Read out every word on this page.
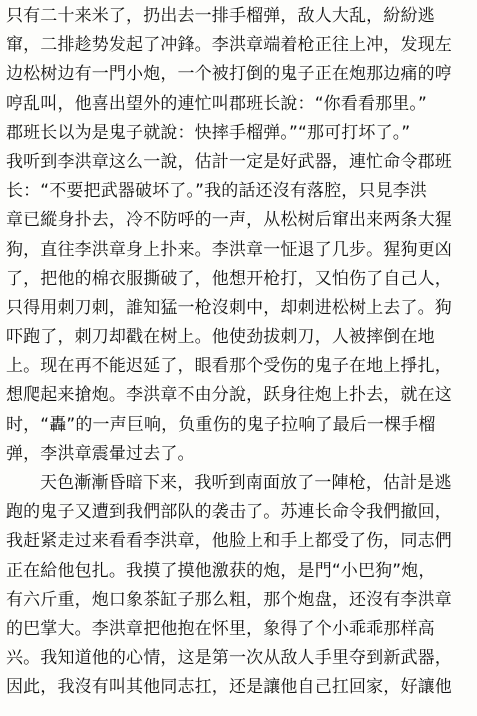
只有二十来米了，扔出去一排手榴弹，敌人大乱，紛紛逃
窜，二排趁势发起了冲鋒。李洪章端着枪正往上冲，发现左
边松树边有一門小炮，一个被打倒的鬼子正在炮那边痛的哼
哼乱叫，他喜出望外的連忙叫郡班长說：“你看看那里。”
郡班长以为是鬼子就說：快摔手榴弹。”“那可打坏了。”
我听到李洪章这么一說，估計一定是好武器，連忙命令郡班
长：“不要把武器破坏了。”我的話还沒有落腔，只見李洪
章已縱身扑去，冷不防呼的一声，从松树后窜出来两条大猩
狗，直往李洪章身上扑来。李洪章一怔退了几步。猩狗更凶
了，把他的棉衣服撕破了，他想开枪打，又怕伤了自己人，
只得用刺刀刺，誰知猛一枪沒刺中，却刺进松树上去了。狗
吓跑了，刺刀却戳在树上。他使劲拔刺刀，人被摔倒在地
上。现在再不能迟延了，眼看那个受伤的鬼子在地上掙扎，
想爬起来搶炮。李洪章不由分說，跃身往炮上扑去，就在这
时，“轟”的一声巨响，负重伤的鬼子拉响了最后一棵手榴
弹，李洪章震暈过去了。
天色漸漸昏暗下来，我听到南面放了一陣枪，估計是逃
跑的鬼子又遭到我們部队的袭击了。苏連长命令我們撤回，
我赶紧走过来看看李洪章，他脸上和手上都受了伤，同志們
正在給他包扎。我摸了摸他激获的炮，是門“小巴狗”炮，
有六斤重，炮口象茶缸子那么粗，那个炮盘，还沒有李洪章
的巴掌大。李洪章把他抱在怀里，象得了个小乖乖那样高
兴。我知道他的心情，这是第一次从敌人手里夺到新武器，
因此，我沒有叫其他同志扛，还是讓他自己扛回家，好讓他
